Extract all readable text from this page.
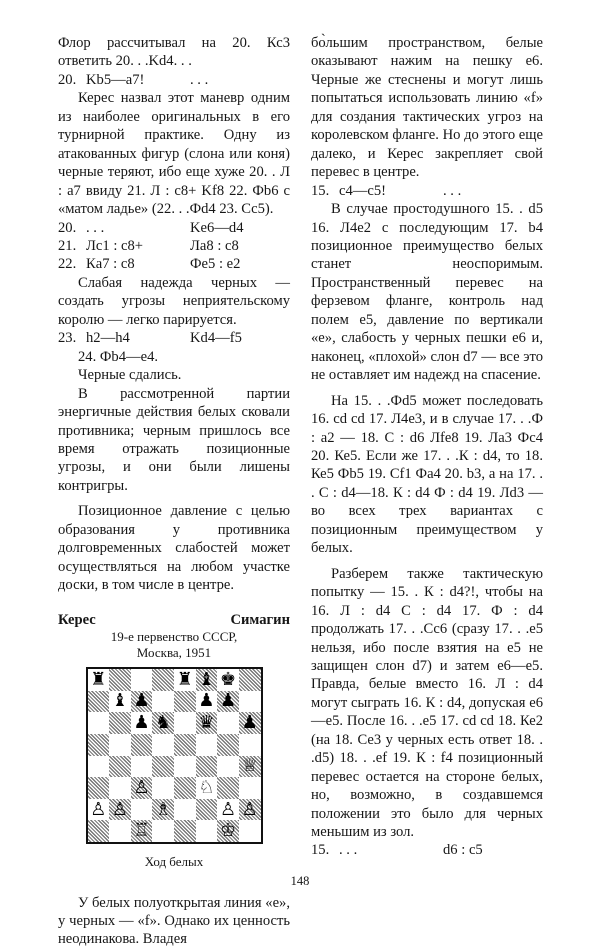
Флор рассчитывал на 20. Кс3 ответить 20. . .Kd4. . .

20. Kb5—a7!	. . .

Керес назвал этот маневр одним из наиболее оригинальных в его турнирной практике. Одну из атакованных фигур (слона или коня) черные теряют, ибо еще хуже 20. . Л : а7 ввиду 21. Л : с8+ Kf8 22. Фb6 с «матом ладье» (22. . .Фd4 23. Сс5).

20. . . .	Ke6—d4
21. Лc1 : c8+	Лa8 : c8
22. Кa7 : c8	Фe5 : e2

Слабая надежда черных — создать угрозы неприятельскому королю — легко парируется.

23. h2—h4	Kd4—f5

24. Фb4—e4.

Черные сдались.

В рассмотренной партии энергичные действия белых сковали противника; черным пришлось все время отражать позиционные угрозы, и они были лишены контригры.

Позиционное давление с целью образования у противника долговременных слабостей может осуществляться на любом участке доски, в том числе в центре.

Керес	Симагин
19-е первенство СССР,
Москва, 1951
♜	♜ ♝ ♚
♝ ♟	♟ ♟
♟ ♞ ♛ ♟
♕
♙	♘
♙ ♙ ♗	♙ ♙
♖	♔
Ход белых

У белых полуоткрытая линия «е», у черных — «f». Однако их ценность неодинакова. Владея

бо̀льшим пространством, белые оказывают нажим на пешку е6. Черные же стеснены и могут лишь попытаться использовать линию «f» для создания тактических угроз на королевском фланге. Но до этого еще далеко, и Керес закрепляет свой перевес в центре.

15. c4—c5!	. . .

В случае простодушного 15. . d5 16. Л4е2 с последующим 17. b4 позиционное преимущество белых станет неоспоримым. Пространственный перевес на ферзевом фланге, контроль над полем е5, давление по вертикали «е», слабость у черных пешки е6 и, наконец, «плохой» слон d7 — все это не оставляет им надежд на спасение.

На 15. . .Фd5 может последовать 16. cd cd 17. Л4е3, и в случае 17. . .Ф : а2 — 18. С : d6 Лfe8 19. Ла3 Фс4 20. Ке5. Если же 17. . .К : d4, то 18. Ке5 Фb5 19. Cf1 Фа4 20. b3, а на 17. . . С : d4—18. К : d4 Ф : d4 19. Лd3 — во всех трех вариантах с позиционным преимуществом у белых.

Разберем также тактическую попытку — 15. . К : d4?!, чтобы на 16. Л : d4 С : d4 17. Ф : d4 продолжать 17. . .Сс6 (сразу 17. . .е5 нельзя, ибо после взятия на е5 не защищен слон d7) и затем е6—е5. Правда, белые вместо 16. Л : d4 могут сыграть 16. К : d4, допуская е6—е5. После 16. . .е5 17. cd cd 18. Ке2 (на 18. Се3 у черных есть ответ 18. . .d5) 18. . .ef 19. К : f4 позиционный перевес остается на стороне белых, но, возможно, в создавшемся положении это было для черных меньшим из зол.

15. . . .	d6 : c5
148
